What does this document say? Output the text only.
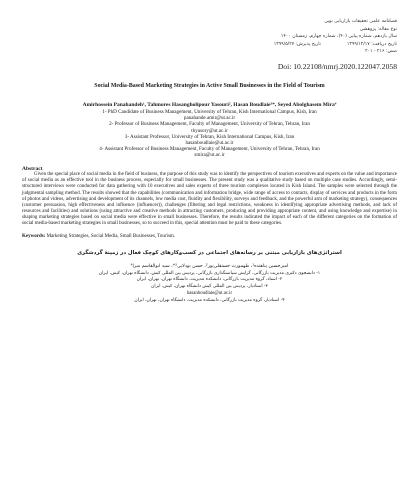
فصلنامه علمی تحقیقات بازاریابی نوین
نوع مقاله: پژوهشی
سال یازدهم، شماره پیاپی (۴۰)، شماره چهارم، زمستان ۱۴۰۰
تاریخ دریافت: ۱۳۹۹/۱۲/۱۷
تاریخ پذیرش: ۱۳۹۹/۵/۲۷
صص: ۲۱۶ - ۲۰۱
Doi: 10.22108/nmrj.2020.122047.2058
Social Media-Based Marketing Strategies in Active Small Businesses in the Field of Tourism
Amirhossein Panahandeh¹, Tahmores Hasangholipour Yasouri², Hasan Boudlaie³*, Seyed Abolghasem Mira⁴
1- PhD Candidate of Business Management, University of Tehran, Kish International Campus, Kish, Iran
panahande.amir@ut.ac.ir
2- Professor of Business Management, Faculty of Management, University of Tehran, Tehran, Iran
thyasory@ut.ac.ir
3- Assistant Professor, University of Tehran, Kish International Campus, Kish, Iran
hasanboudlaie@ut.ac.ir
4- Assistant Professor of Business Management, Faculty of Management, University of Tehran, Tehran, Iran
smira@ut.ac.ir
Abstract

Given the special place of social media in the field of business, the purpose of this study was to identify the perspectives of tourism executives and experts on the value and importance of social media as an effective tool in the business process, especially for small businesses. The present study was a qualitative study based on multiple case studies. Accordingly, semi-structured interviews were conducted for data gathering with 10 executives and sales experts of three tourism complexes located in Kish Island. The samples were selected through the judgmental sampling method. The results showed that the capabilities (communication and information bridge, wide range of access to contacts, display of services and products in the form of photos and videos, advertising and development of its channels, low media cost, fluidity and flexibility, surveys and feedback, and the powerful arm of marketing strategy), consequences (customer persuasion, high effectiveness and influence (influencer)), challenges (filtering and legal restrictions, weakness in identifying appropriate advertising methods, and lack of resources and facilities) and solutions (using attractive and creative methods in attracting customers, producing and providing appropriate content, and using knowledge and expertise) in shaping marketing strategies based on social media were effective in small businesses. Therefore, the results indicated the impact of each of the different categories on the formation of social media-based marketing strategies in small businesses, so to succeed in this, special attention must be paid to these categories.

Keywords: Marketing Strategies, Social Media, Small Businesses, Tourism.
استراتژی‌های بازاریابی مبتنی بر رسانه‌های اجتماعی در کسب‌وکارهای کوچک فعال در زمینهٔ گردشگری
امیرحسین پناهنده¹، طهمورث حسنقلی‌پور²، حسن بودلایی³*، سید ابوالقاسم میرا⁴
۱- دانشجوی دکتری مدیریت بازرگانی، گرایش سیاستگذاری بازرگانی، پردیس بین المللی کیش، دانشگاه تهران، کیش، ایران
۲- استاد، گروه مدیریت بازرگانی، دانشکده مدیریت، دانشگاه تهران، تهران، ایران
۳- استادیار، پردیس بین المللی کیش دانشگاه تهران، کیش، ایران
hasanboudlaie@ut.ac.ir
۴- استادیار، گروه مدیریت بازرگانی، دانشکده مدیریت، دانشگاه تهران، تهران، ایران
